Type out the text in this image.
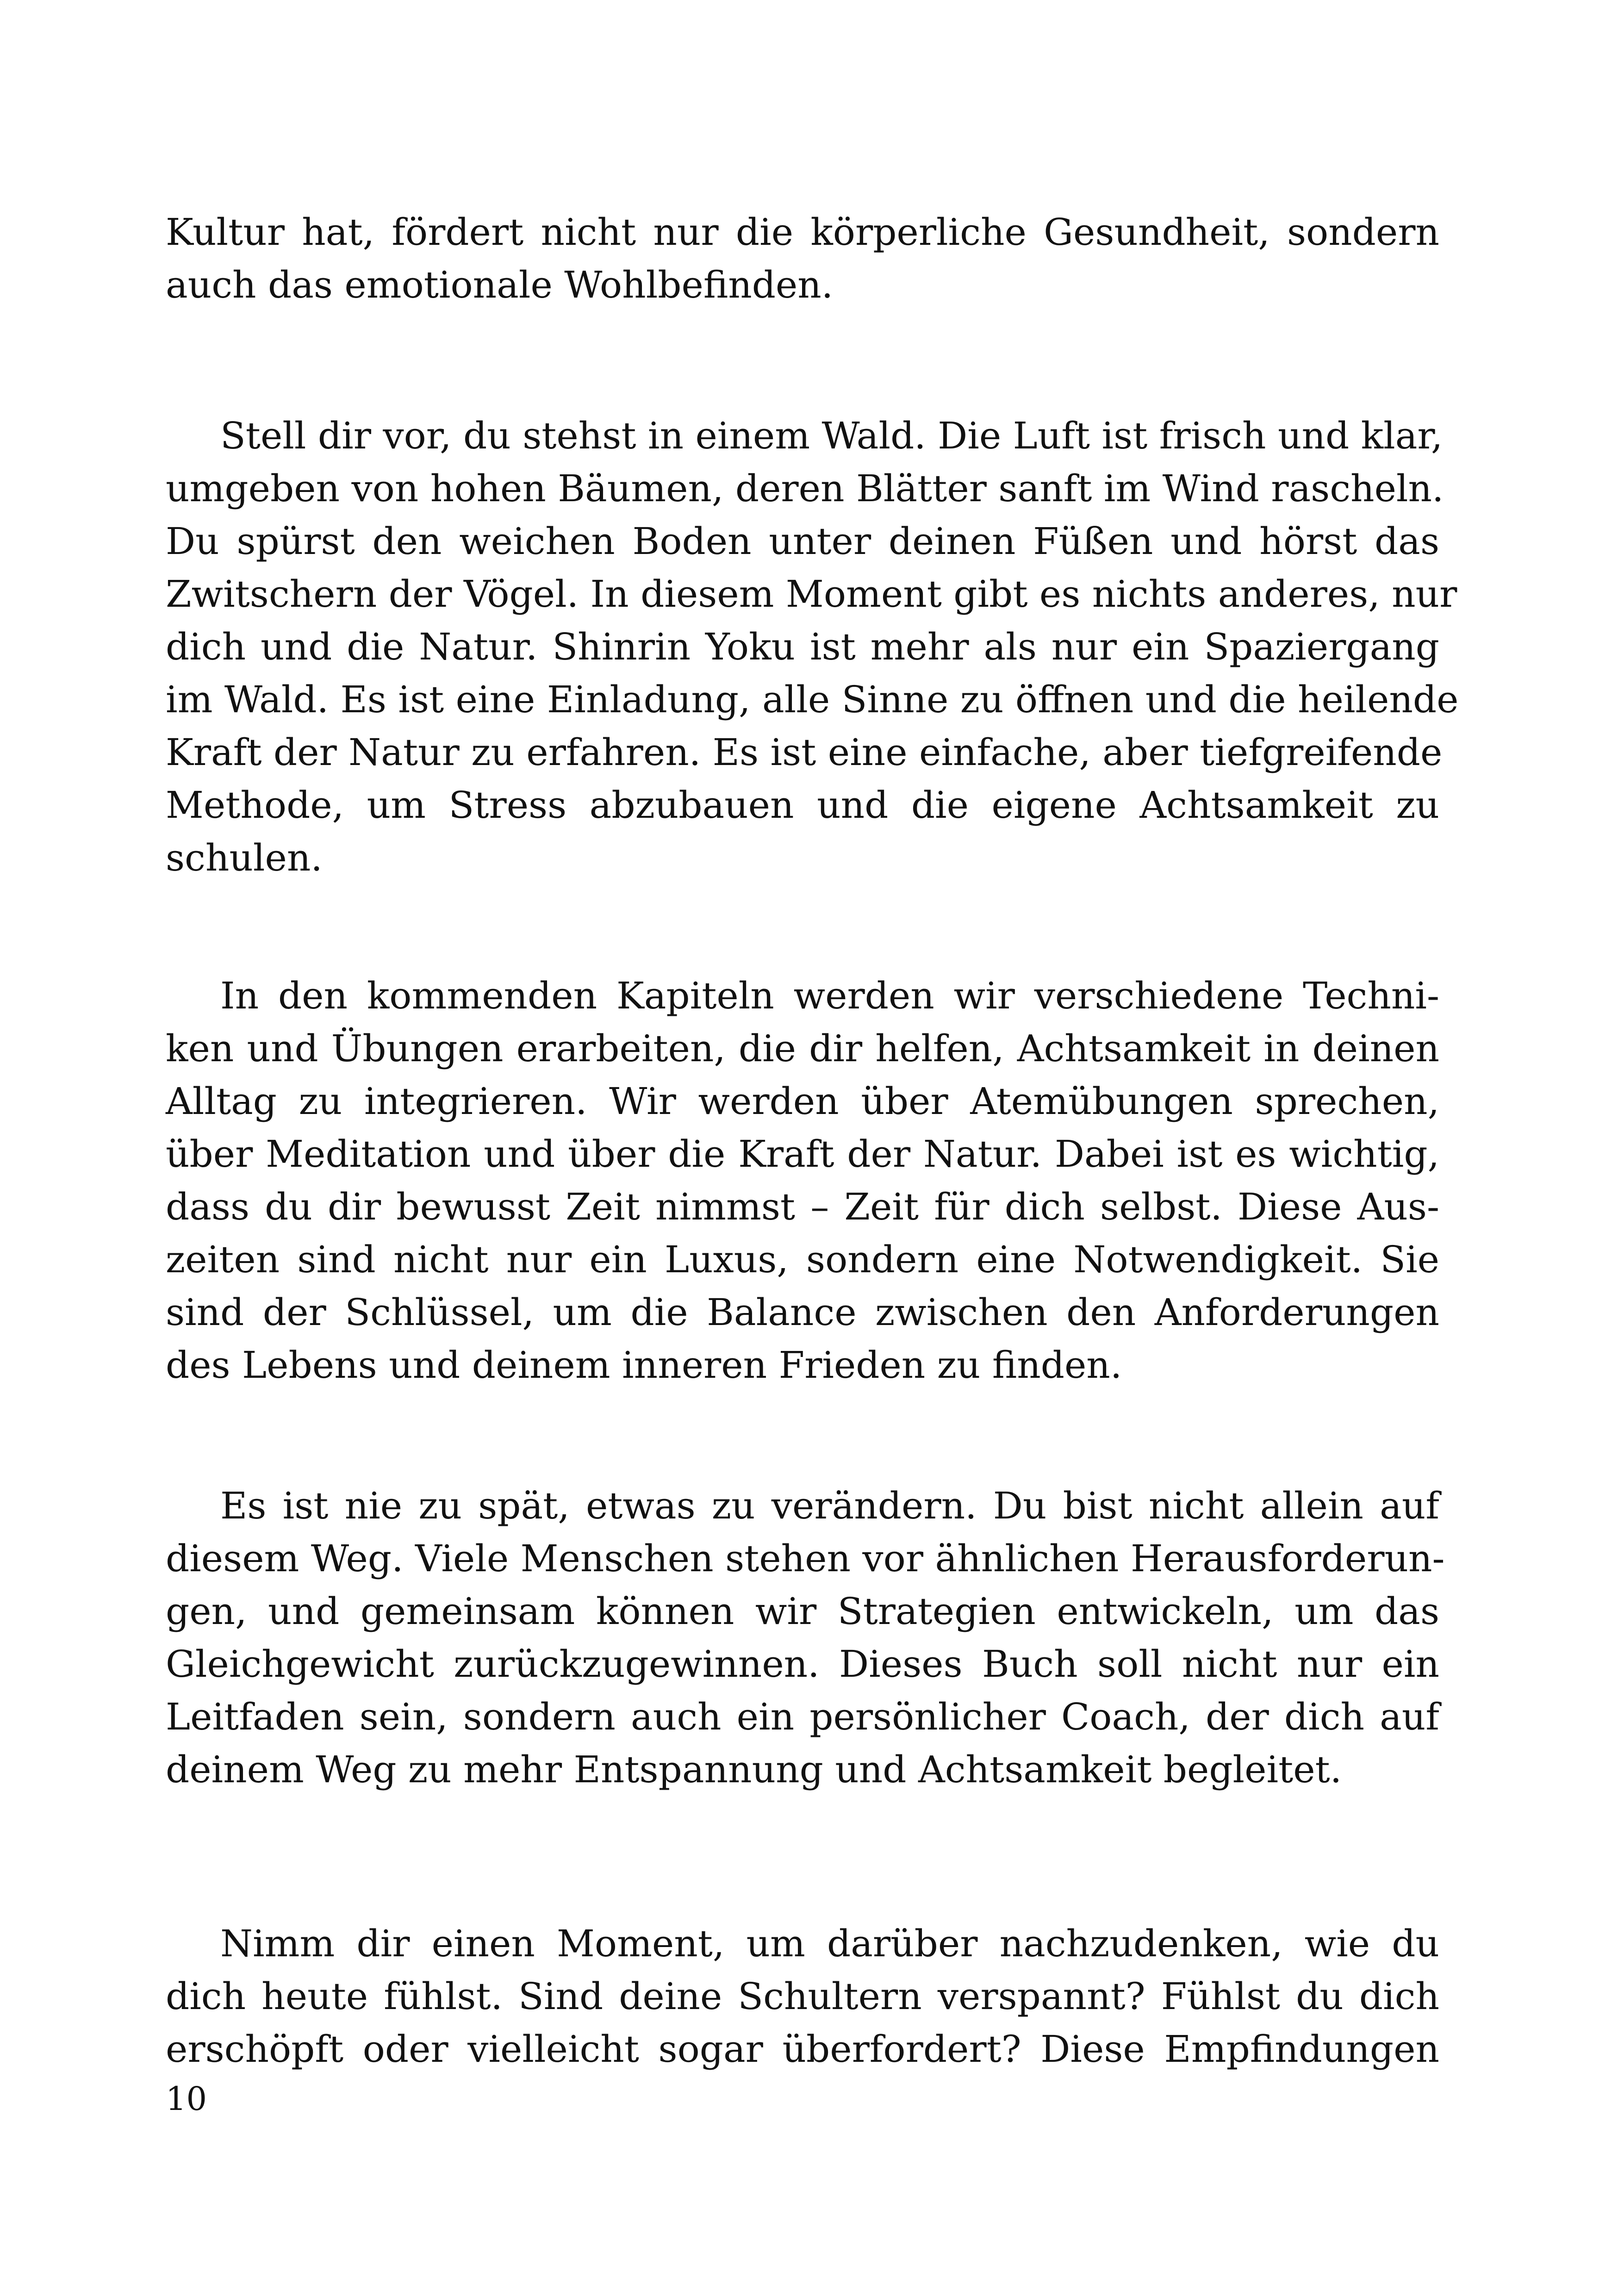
Kultur hat, fördert nicht nur die körperliche Gesundheit, sondern
auch das emotionale Wohlbefinden.
Stell dir vor, du stehst in einem Wald. Die Luft ist frisch und klar,
umgeben von hohen Bäumen, deren Blätter sanft im Wind rascheln.
Du spürst den weichen Boden unter deinen Füßen und hörst das
Zwitschern der Vögel. In diesem Moment gibt es nichts anderes, nur
dich und die Natur. Shinrin Yoku ist mehr als nur ein Spaziergang
im Wald. Es ist eine Einladung, alle Sinne zu öffnen und die heilende
Kraft der Natur zu erfahren. Es ist eine einfache, aber tiefgreifende
Methode, um Stress abzubauen und die eigene Achtsamkeit zu
schulen.
In den kommenden Kapiteln werden wir verschiedene Techni-
ken und Übungen erarbeiten, die dir helfen, Achtsamkeit in deinen
Alltag zu integrieren. Wir werden über Atemübungen sprechen,
über Meditation und über die Kraft der Natur. Dabei ist es wichtig,
dass du dir bewusst Zeit nimmst – Zeit für dich selbst. Diese Aus-
zeiten sind nicht nur ein Luxus, sondern eine Notwendigkeit. Sie
sind der Schlüssel, um die Balance zwischen den Anforderungen
des Lebens und deinem inneren Frieden zu finden.
Es ist nie zu spät, etwas zu verändern. Du bist nicht allein auf
diesem Weg. Viele Menschen stehen vor ähnlichen Herausforderun-
gen, und gemeinsam können wir Strategien entwickeln, um das
Gleichgewicht zurückzugewinnen. Dieses Buch soll nicht nur ein
Leitfaden sein, sondern auch ein persönlicher Coach, der dich auf
deinem Weg zu mehr Entspannung und Achtsamkeit begleitet.
Nimm dir einen Moment, um darüber nachzudenken, wie du
dich heute fühlst. Sind deine Schultern verspannt? Fühlst du dich
erschöpft oder vielleicht sogar überfordert? Diese Empfindungen
10
